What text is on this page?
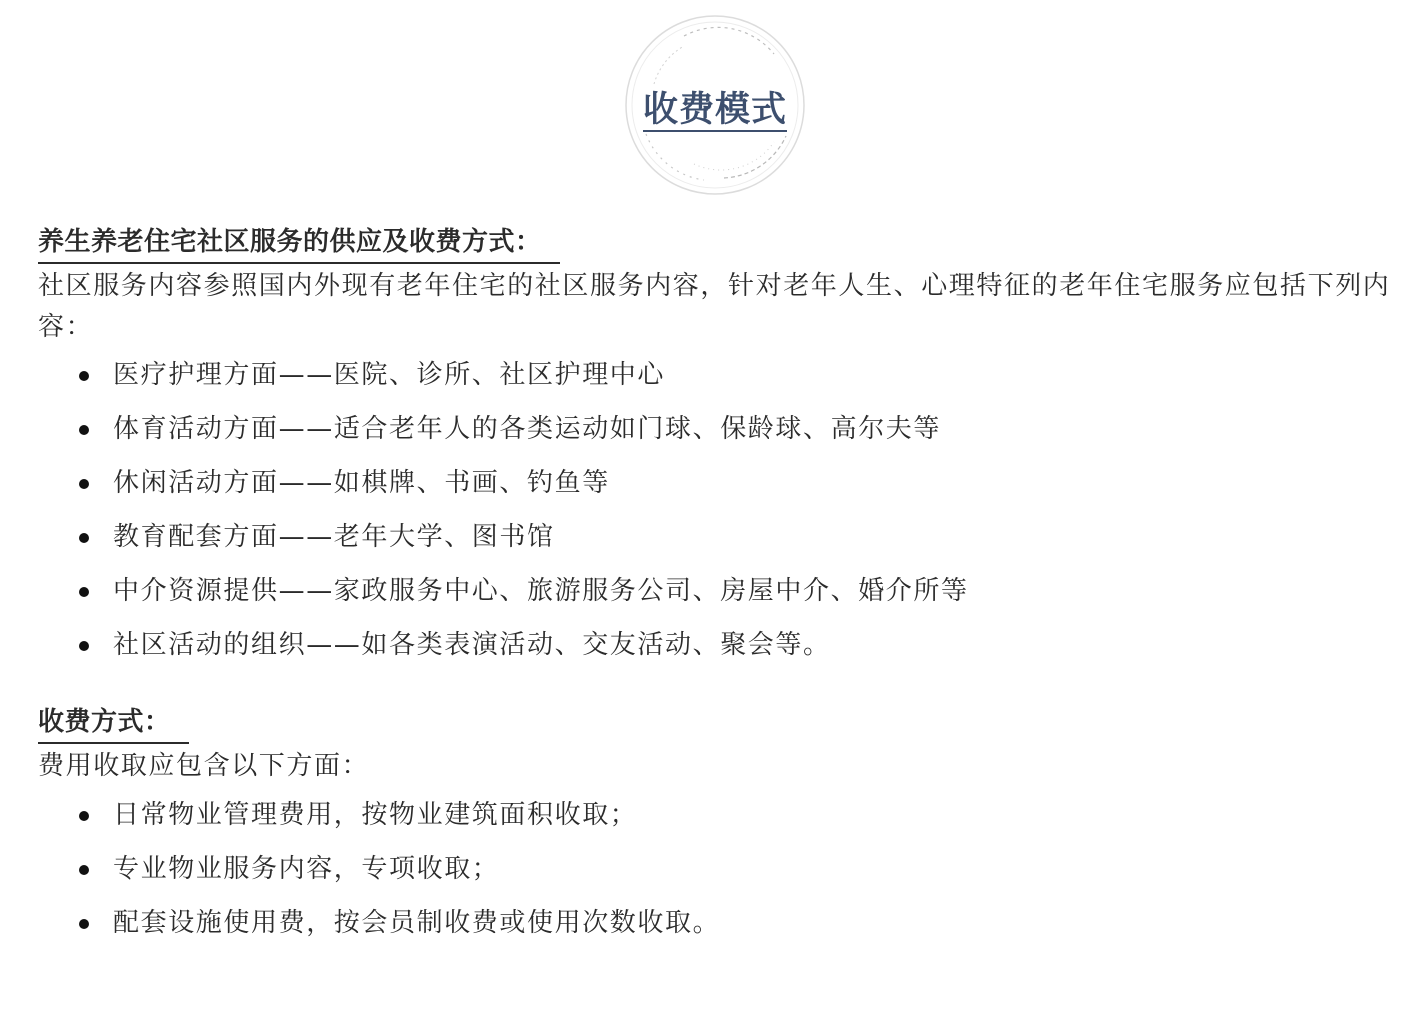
收费模式
养生养老住宅社区服务的供应及收费方式：

社区服务内容参照国内外现有老年住宅的社区服务内容，针对老年人生、心理特征的老年住宅服务应包括下列内容：

医疗护理方面——医院、诊所、社区护理中心
体育活动方面——适合老年人的各类运动如门球、保龄球、高尔夫等
休闲活动方面——如棋牌、书画、钓鱼等
教育配套方面——老年大学、图书馆
中介资源提供——家政服务中心、旅游服务公司、房屋中介、婚介所等
社区活动的组织——如各类表演活动、交友活动、聚会等。
收费方式：

费用收取应包含以下方面：

日常物业管理费用，按物业建筑面积收取；
专业物业服务内容，专项收取；
配套设施使用费，按会员制收费或使用次数收取。
